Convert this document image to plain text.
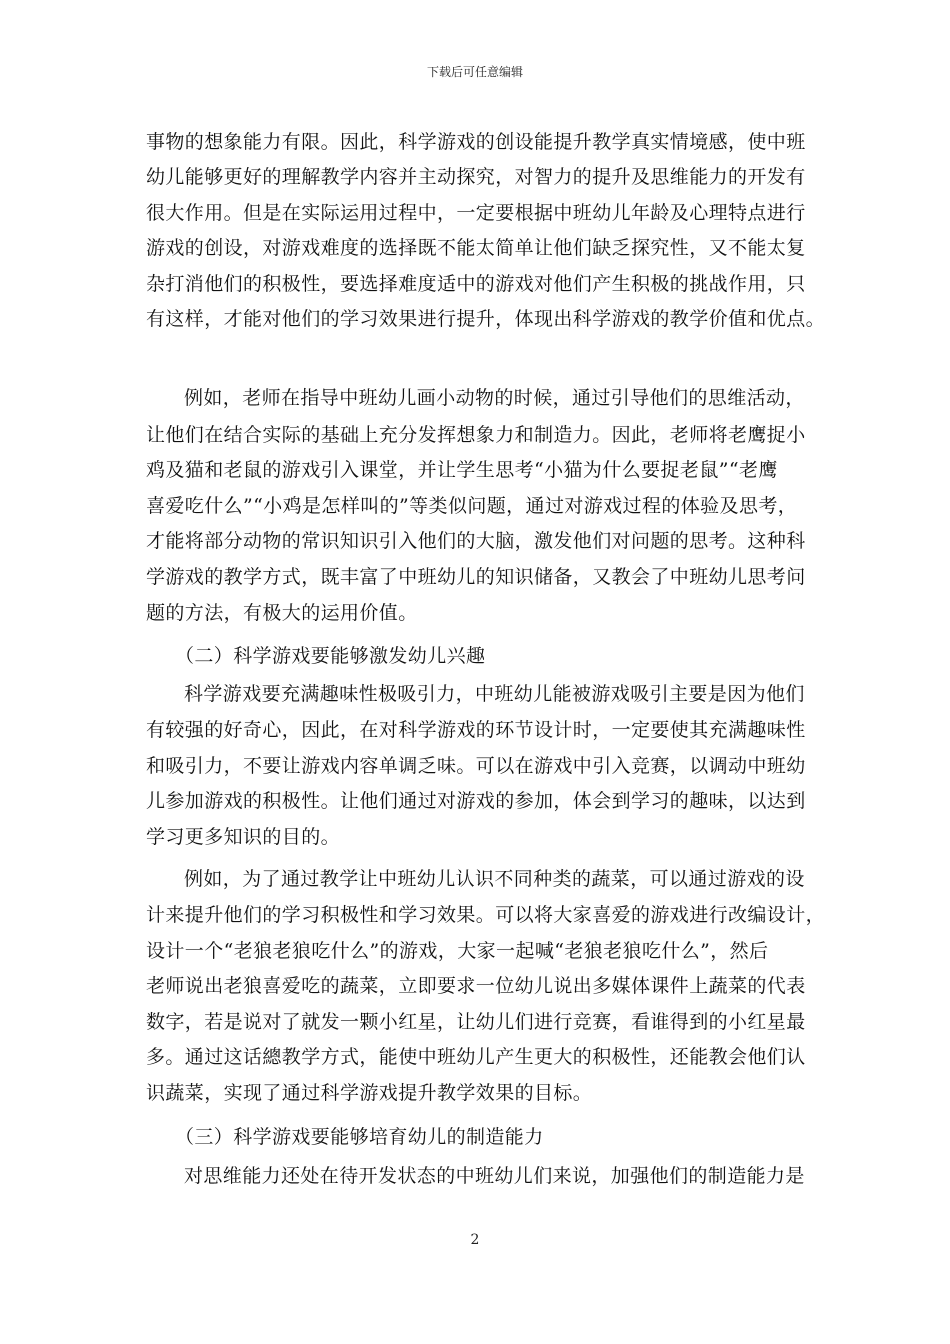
下载后可任意编辑
事物的想象能力有限。因此，科学游戏的创设能提升教学真实情境感，使中班
幼儿能够更好的理解教学内容并主动探究，对智力的提升及思维能力的开发有
很大作用。但是在实际运用过程中，一定要根据中班幼儿年龄及心理特点进行
游戏的创设，对游戏难度的选择既不能太简单让他们缺乏探究性，又不能太复
杂打消他们的积极性，要选择难度适中的游戏对他们产生积极的挑战作用，只
有这样，才能对他们的学习效果进行提升，体现出科学游戏的教学价值和优点。
例如，老师在指导中班幼儿画小动物的时候，通过引导他们的思维活动，
让他们在结合实际的基础上充分发挥想象力和制造力。因此，老师将老鹰捉小
鸡及猫和老鼠的游戏引入课堂，并让学生思考“小猫为什么要捉老鼠”“老鹰
喜爱吃什么”“小鸡是怎样叫的”等类似问题，通过对游戏过程的体验及思考，
才能将部分动物的常识知识引入他们的大脑，激发他们对问题的思考。这种科
学游戏的教学方式，既丰富了中班幼儿的知识储备，又教会了中班幼儿思考问
题的方法，有极大的运用价值。
（二）科学游戏要能够激发幼儿兴趣
科学游戏要充满趣味性极吸引力，中班幼儿能被游戏吸引主要是因为他们
有较强的好奇心，因此，在对科学游戏的环节设计时，一定要使其充满趣味性
和吸引力，不要让游戏内容单调乏味。可以在游戏中引入竞赛，以调动中班幼
儿参加游戏的积极性。让他们通过对游戏的参加，体会到学习的趣味，以达到
学习更多知识的目的。
例如，为了通过教学让中班幼儿认识不同种类的蔬菜，可以通过游戏的设
计来提升他们的学习积极性和学习效果。可以将大家喜爱的游戏进行改编设计，
设计一个“老狼老狼吃什么”的游戏，大家一起喊“老狼老狼吃什么”，然后
老师说出老狼喜爱吃的蔬菜，立即要求一位幼儿说出多媒体课件上蔬菜的代表
数字，若是说对了就发一颗小红星，让幼儿们进行竞赛，看谁得到的小红星最
多。通过这话總教学方式，能使中班幼儿产生更大的积极性，还能教会他们认
识蔬菜，实现了通过科学游戏提升教学效果的目标。
（三）科学游戏要能够培育幼儿的制造能力
对思维能力还处在待开发状态的中班幼儿们来说，加强他们的制造能力是
2
